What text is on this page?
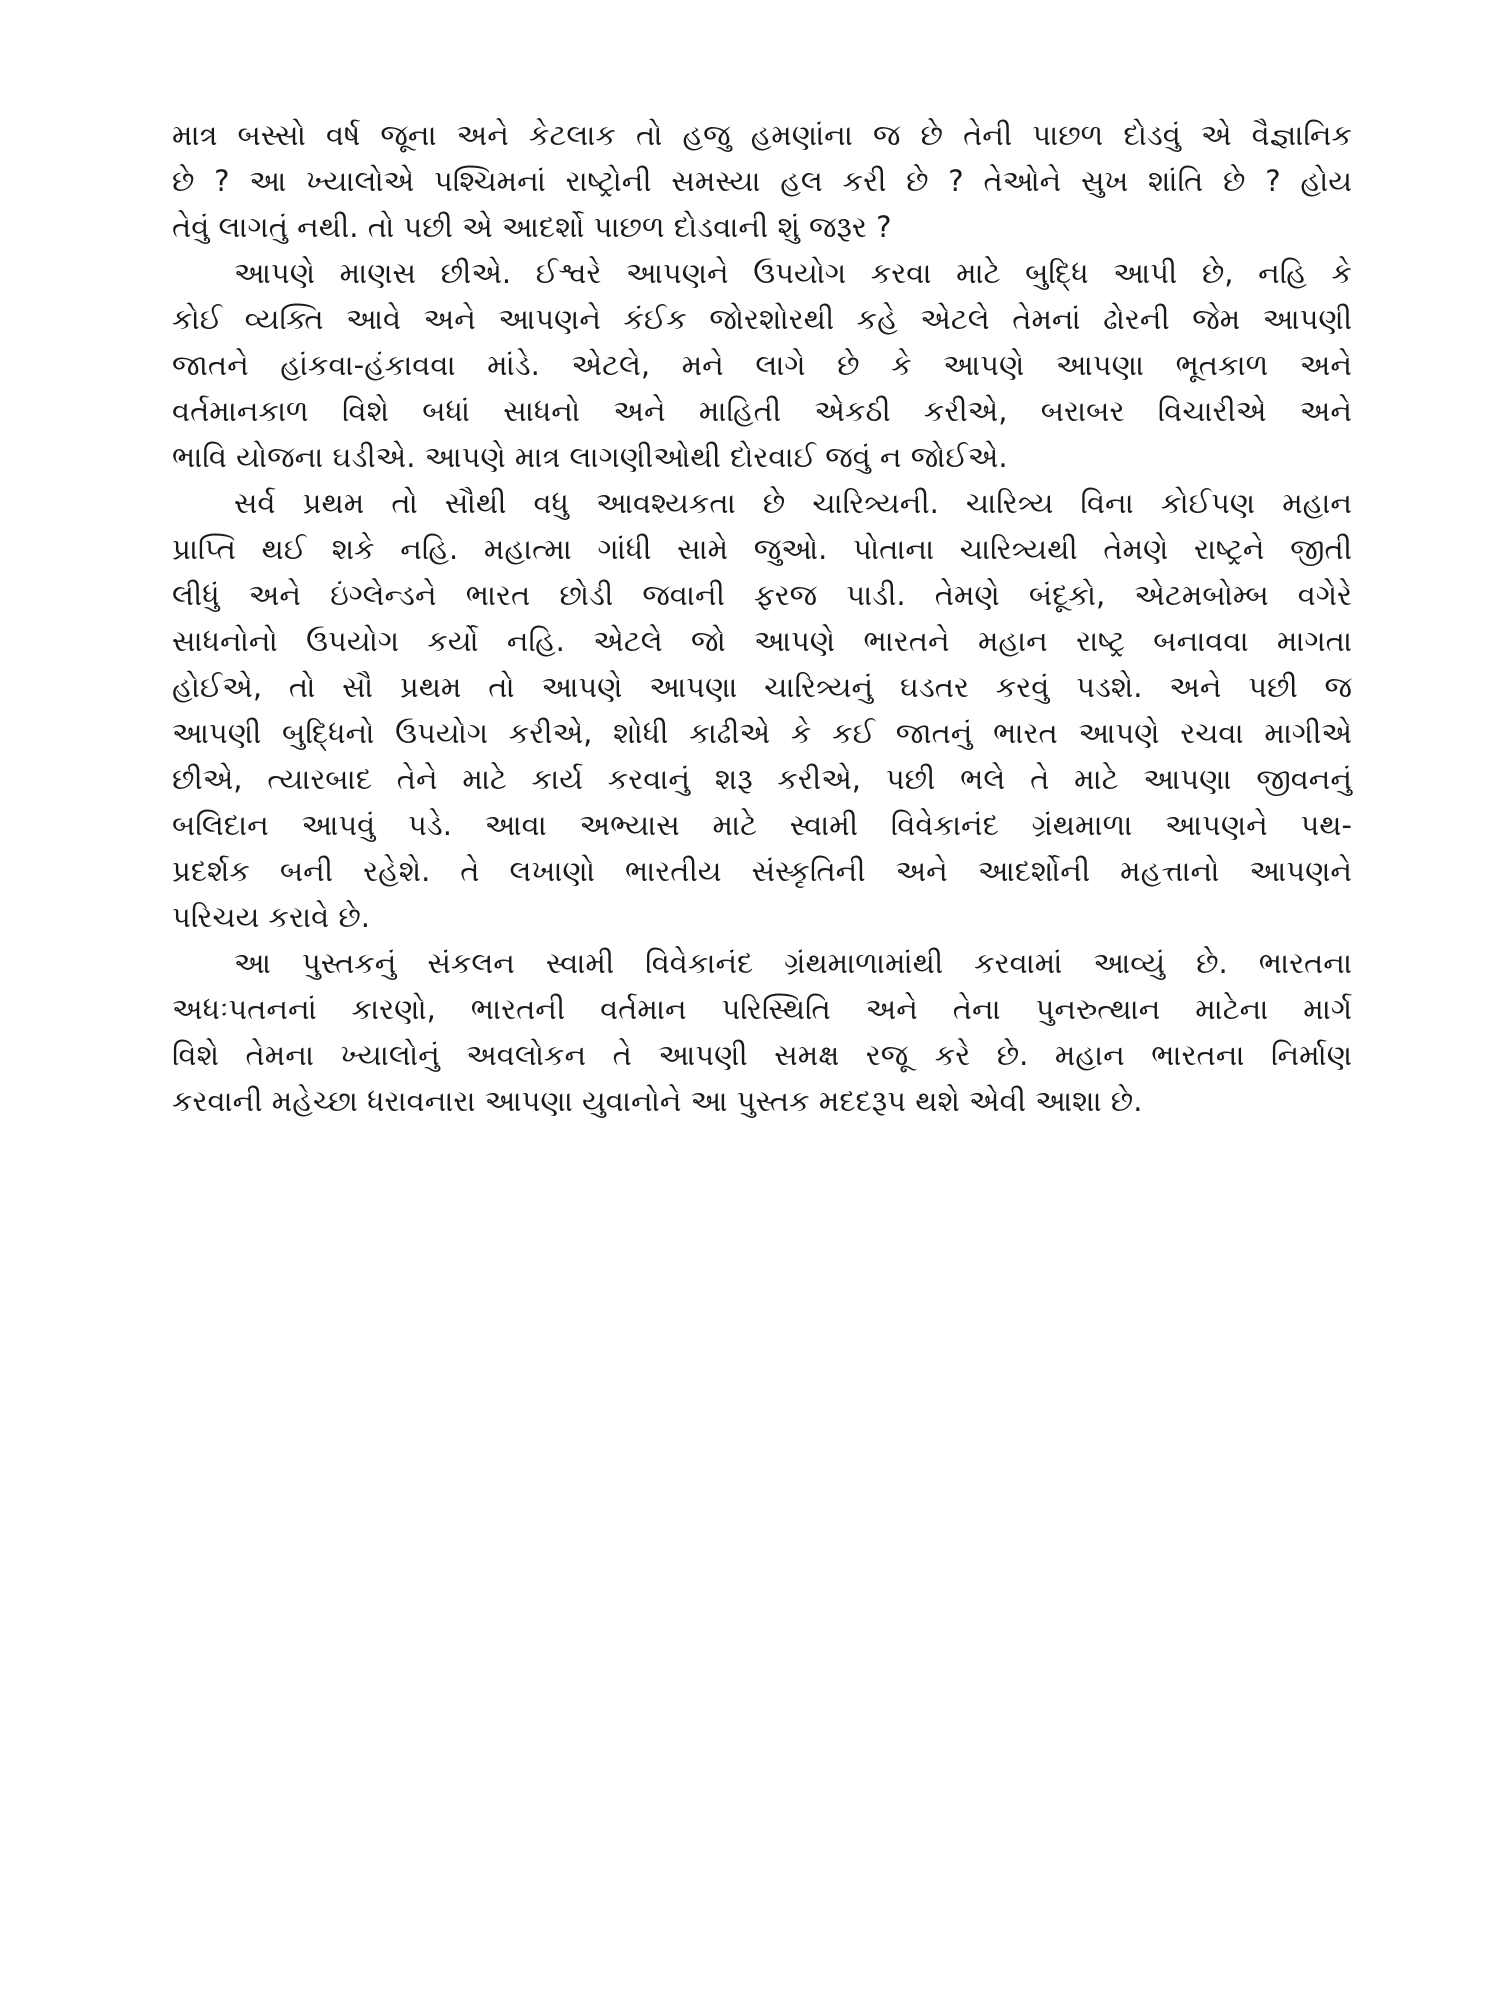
માત્ર બસ્સો વર્ષ જૂના અને કેટલાક તો હજુ હમણાંના જ છે તેની પાછળ દોડવું એ વૈજ્ઞાનિક
છે ? આ ખ્યાલોએ પશ્ચિમનાં રાષ્ટ્રોની સમસ્યા હલ કરી છે ? તેઓને સુખ શાંતિ છે ? હોય
તેવું લાગતું નથી. તો પછી એ આદર્શો પાછળ દોડવાની શું જરૂર ?
આપણે માણસ છીએ. ઈશ્વરે આપણને ઉપયોગ કરવા માટે બુદ્ધિ આપી છે, નહિ કે
કોઈ વ્યક્તિ આવે અને આપણને કંઈક જોરશોરથી કહે એટલે તેમનાં ઢોરની જેમ આપણી
જાતને હાંકવા-હંકાવવા માંડે. એટલે, મને લાગે છે કે આપણે આપણા ભૂતકાળ અને
વર્તમાનકાળ વિશે બધાં સાધનો અને માહિતી એકઠી કરીએ, બરાબર વિચારીએ અને
ભાવિ યોજના ઘડીએ. આપણે માત્ર લાગણીઓથી દોરવાઈ જવું ન જોઈએ.
સર્વ પ્રથમ તો સૌથી વધુ આવશ્યકતા છે ચારિત્ર્યની. ચારિત્ર્ય વિના કોઈપણ મહાન
પ્રાપ્તિ થઈ શકે નહિ. મહાત્મા ગાંધી સામે જુઓ. પોતાના ચારિત્ર્યથી તેમણે રાષ્ટ્રને જીતી
લીધું અને ઇંગ્લેન્ડને ભારત છોડી જવાની ફરજ પાડી. તેમણે બંદૂકો, એટમબોમ્બ વગેરે
સાધનોનો ઉપયોગ કર્યો નહિ. એટલે જો આપણે ભારતને મહાન રાષ્ટ્ર બનાવવા માગતા
હોઈએ, તો સૌ પ્રથમ તો આપણે આપણા ચારિત્ર્યનું ઘડતર કરવું પડશે. અને પછી જ
આપણી બુદ્ધિનો ઉપયોગ કરીએ, શોધી કાઢીએ કે કઈ જાતનું ભારત આપણે રચવા માગીએ
છીએ, ત્યારબાદ તેને માટે કાર્ય કરવાનું શરૂ કરીએ, પછી ભલે તે માટે આપણા જીવનનું
બલિદાન આપવું પડે. આવા અભ્યાસ માટે સ્વામી વિવેકાનંદ ગ્રંથમાળા આપણને પથ-
પ્રદર્શક બની રહેશે. તે લખાણો ભારતીય સંસ્કૃતિની અને આદર્શોની મહત્તાનો આપણને
પરિચય કરાવે છે.
આ પુસ્તકનું સંકલન સ્વામી વિવેકાનંદ ગ્રંથમાળામાંથી કરવામાં આવ્યું છે. ભારતના
અધઃપતનનાં કારણો, ભારતની વર્તમાન પરિસ્થિતિ અને તેના પુનરુત્થાન માટેના માર્ગ
વિશે તેમના ખ્યાલોનું અવલોકન તે આપણી સમક્ષ રજૂ કરે છે. મહાન ભારતના નિર્માણ
કરવાની મહેચ્છા ધરાવનારા આપણા યુવાનોને આ પુસ્તક મદદરૂપ થશે એવી આશા છે.
